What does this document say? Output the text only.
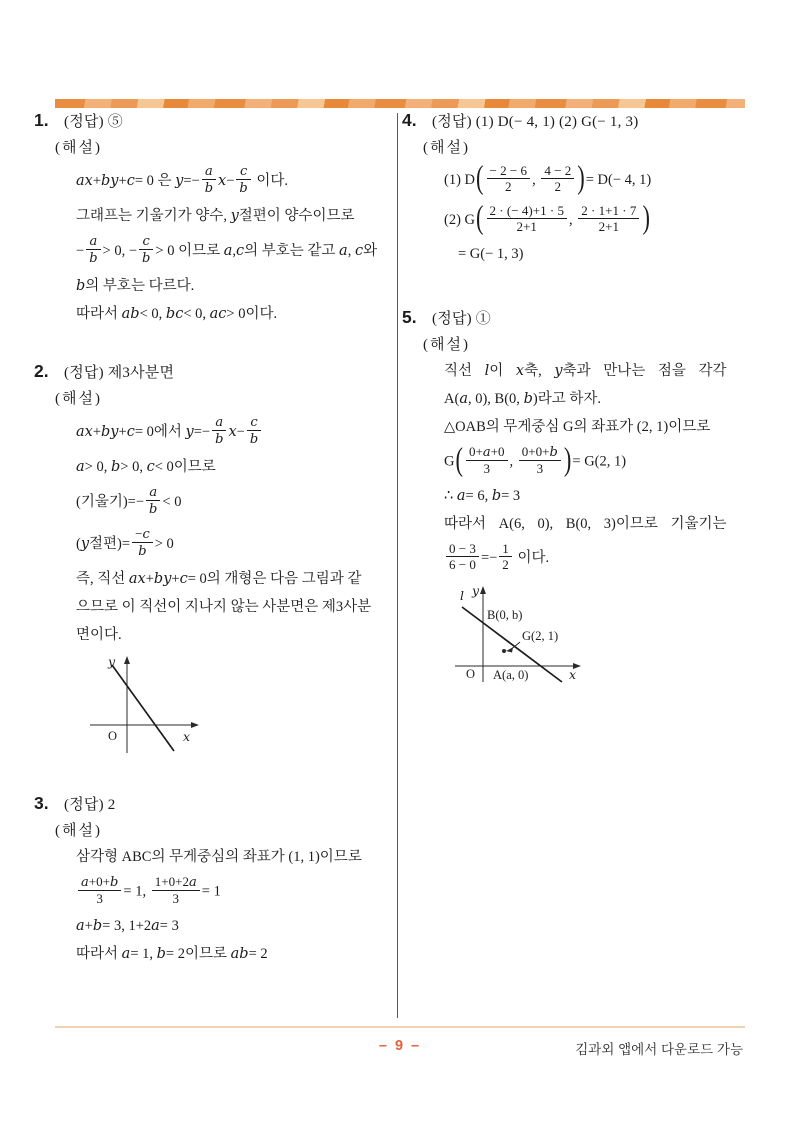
1.	(정답) ⑤
(해설)
ax+by+c= 0 은 $y=- \frac{a}{b} x- \frac{c}{b}$ 이다.
그래프는 기울기가 양수, y절편이 양수이므로
− $\frac{a}{b} > 0$, − $\frac{c}{b} > 0$ 이므로 a,c의 부호는 같고 a, c와
b의 부호는 다르다.
따라서 ab< 0, bc< 0, ac> 0이다.
2.	(정답) 제3사분면
(해설)
ax+by+c= 0에서 $y=- \frac{a}{b} x- \frac{c}{b}$
a> 0, b> 0, c< 0이므로
(기울기)=− $\frac{a}{b} < 0$
(y절편)= $\frac{-c}{b} > 0$
즉, 직선 ax+by+c= 0의 개형은 다음 그림과 같
으므로 이 직선이 지나지 않는 사분면은 제3사분
면이다.
y
x
O
3.	(정답) 2
(해설)
삼각형 ABC의 무게중심의 좌표가 (1, 1)이므로
$\frac{a+0+b}{3} = 1$, $\frac{1+0+2a}{3} = 1$
a+b= 3, 1+2a= 3
따라서 a= 1, b= 2이므로 ab= 2
4.	(정답) (1) D(− 4, 1) (2) G(− 1, 3)
(해설)
(1) $D( \frac{- 2 - 6}{2}$ , $\frac{4 - 2}{2}$ )= D(− 4, 1)
(2) $G( \frac{2 \cdot (- 4)+1 \cdot 5}{2+1}$ , $\frac{2 \cdot 1+1 \cdot 7}{2+1}$ )
= G(− 1, 3)
5.	(정답) ①
(해설)
직선 l이 x축, y축과 만나는 점을 각각
A(a, 0), B(0, b)라고 하자.
△OAB의 무게중심 G의 좌표가 (2, 1)이므로
$G( \frac{0+a+0}{3}$ , $\frac{0+0+b}{3}$ )= G(2, 1)
∴ a= 6, b= 3
따라서 A(6, 0), B(0, 3)이므로 기울기는
$\frac{0 - 3}{6 - 0} =- \frac{1}{2}$ 이다.
l y
x
O
B(0, b)
G(2, 1)
A(a, 0)
– 9 –	김과외 앱에서 다운로드 가능
